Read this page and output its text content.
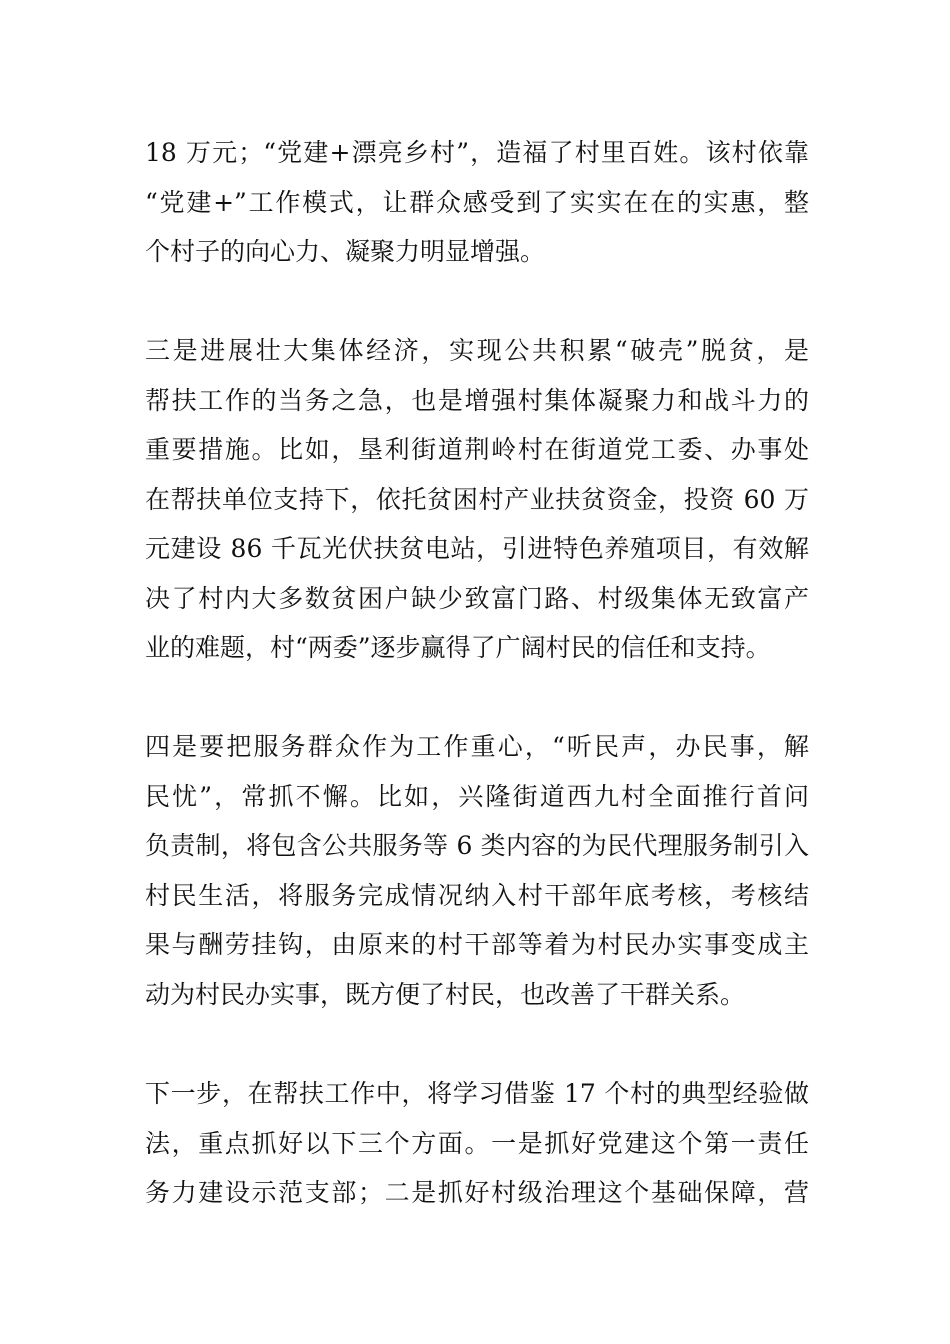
18 万元；“党建+漂亮乡村”，造福了村里百姓。该村依靠
“党建+”工作模式，让群众感受到了实实在在的实惠，整
个村子的向心力、凝聚力明显增强。
三是进展壮大集体经济，实现公共积累“破壳”脱贫，是
帮扶工作的当务之急，也是增强村集体凝聚力和战斗力的
重要措施。比如，垦利街道荆岭村在街道党工委、办事处
在帮扶单位支持下，依托贫困村产业扶贫资金，投资 60 万
元建设 86 千瓦光伏扶贫电站，引进特色养殖项目，有效解
决了村内大多数贫困户缺少致富门路、村级集体无致富产
业的难题，村“两委”逐步赢得了广阔村民的信任和支持。
四是要把服务群众作为工作重心，“听民声，办民事，解
民忧”，常抓不懈。比如，兴隆街道西九村全面推行首问
负责制，将包含公共服务等 6 类内容的为民代理服务制引入
村民生活，将服务完成情况纳入村干部年底考核，考核结
果与酬劳挂钩，由原来的村干部等着为村民办实事变成主
动为村民办实事，既方便了村民，也改善了干群关系。
下一步，在帮扶工作中，将学习借鉴 17 个村的典型经验做
法，重点抓好以下三个方面。一是抓好党建这个第一责任
务力建设示范支部；二是抓好村级治理这个基础保障，营
